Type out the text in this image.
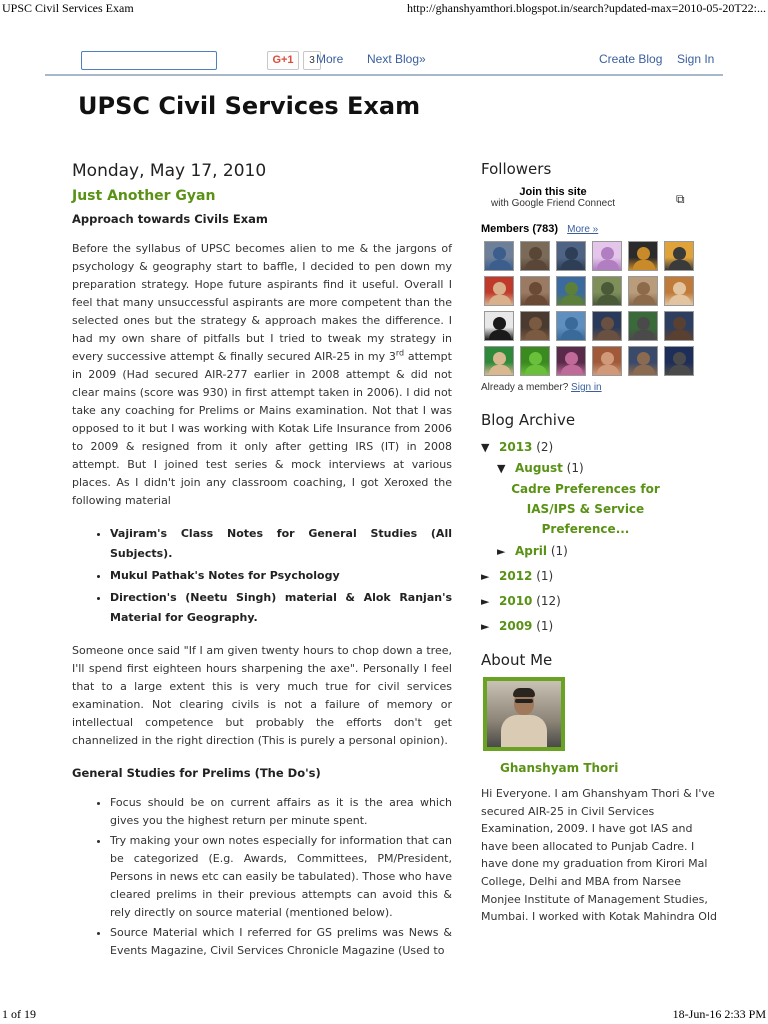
UPSC Civil Services Exam	http://ghanshyamthori.blogspot.in/search?updated-max=2010-05-20T22:...
G+1	3 More Next Blog»	Create Blog Sign In
UPSC Civil Services Exam
Monday, May 17, 2010
Just Another Gyan
Approach towards Civils Exam

Before the syllabus of UPSC becomes alien to me & the jargons of psychology & geography start to baffle, I decided to pen down my preparation strategy. Hope future aspirants find it useful. Overall I feel that many unsuccessful aspirants are more competent than the selected ones but the strategy & approach makes the difference. I had my own share of pitfalls but I tried to tweak my strategy in every successive attempt & finally secured AIR-25 in my 3rd attempt in 2009 (Had secured AIR-277 earlier in 2008 attempt & did not clear mains (score was 930) in first attempt taken in 2006). I did not take any coaching for Prelims or Mains examination. Not that I was opposed to it but I was working with Kotak Life Insurance from 2006 to 2009 & resigned from it only after getting IRS (IT) in 2008 attempt. But I joined test series & mock interviews at various places. As I didn't join any classroom coaching, I got Xeroxed the following material

• Vajiram's Class Notes for General Studies (All Subjects).
• Mukul Pathak's Notes for Psychology
• Direction's (Neetu Singh) material & Alok Ranjan's Material for Geography.

Someone once said "If I am given twenty hours to chop down a tree, I'll spend first eighteen hours sharpening the axe". Personally I feel that to a large extent this is very much true for civil services examination. Not clearing civils is not a failure of memory or intellectual competence but probably the efforts don't get channelized in the right direction (This is purely a personal opinion).

General Studies for Prelims (The Do's)
• Focus should be on current affairs as it is the area which gives you the highest return per minute spent.
• Try making your own notes especially for information that can be categorized (E.g. Awards, Committees, PM/President, Persons in news etc can easily be tabulated). Those who have cleared prelims in their previous attempts can avoid this & rely directly on source material (mentioned below).
• Source Material which I referred for GS prelims was News & Events Magazine, Civil Services Chronicle Magazine (Used to
Followers
Join this site
with Google Friend Connect	⧉
Members (783) More »
Already a member? Sign in
Blog Archive
▼ 2013 (2)
▼ August (1)
Cadre Preferences for IAS/IPS & Service Preference...
► April (1)
► 2012 (1)
► 2010 (12)
► 2009 (1)
About Me
Ghanshyam Thori
Hi Everyone. I am Ghanshyam Thori & I've secured AIR-25 in Civil Services Examination, 2009. I have got IAS and have been allocated to Punjab Cadre. I have done my graduation from Kirori Mal College, Delhi and MBA from Narsee Monjee Institute of Management Studies, Mumbai. I worked with Kotak Mahindra Old
1 of 19	18-Jun-16 2:33 PM
